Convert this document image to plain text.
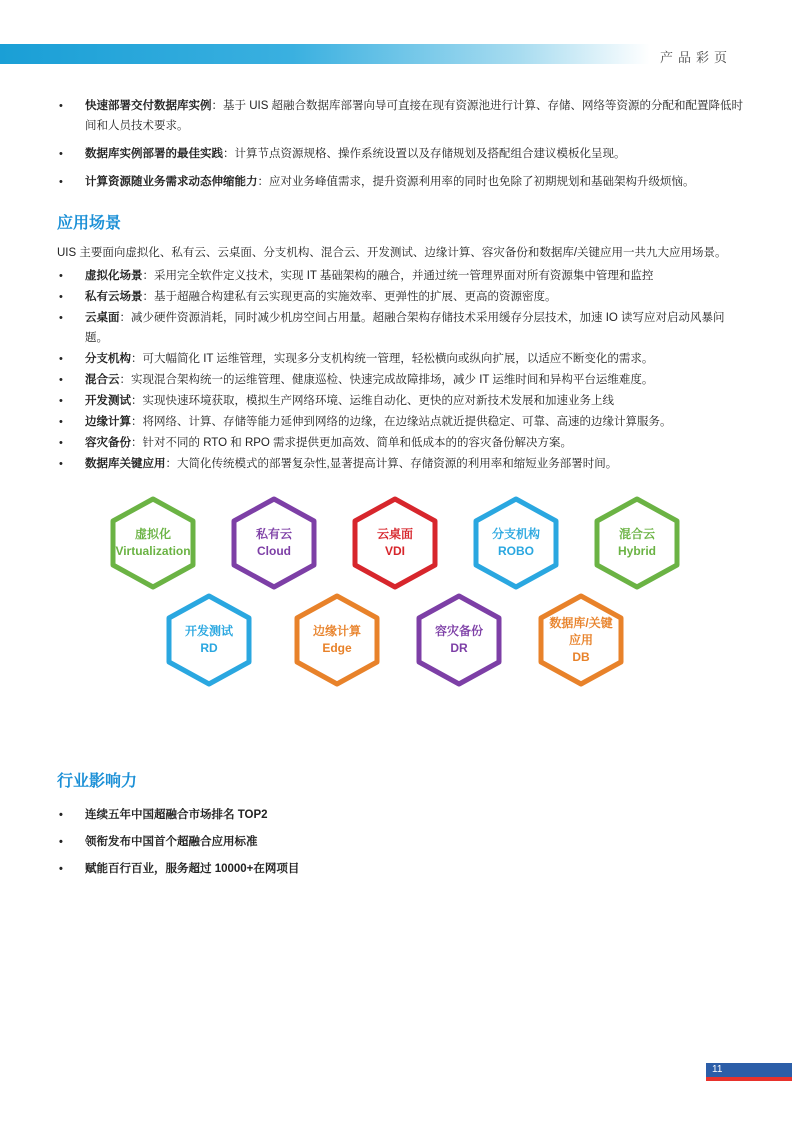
产品彩页
• 快速部署交付数据库实例：基于 UIS 超融合数据库部署向导可直接在现有资源池进行计算、存储、网络等资源的分配和配置降低时间和人员技术要求。
• 数据库实例部署的最佳实践：计算节点资源规格、操作系统设置以及存储规划及搭配组合建议模板化呈现。
• 计算资源随业务需求动态伸缩能力：应对业务峰值需求，提升资源利用率的同时也免除了初期规划和基础架构升级烦恼。
应用场景
UIS 主要面向虚拟化、私有云、云桌面、分支机构、混合云、开发测试、边缘计算、容灾备份和数据库/关键应用一共九大应用场景。
• 虚拟化场景：采用完全软件定义技术，实现 IT 基础架构的融合，并通过统一管理界面对所有资源集中管理和监控
• 私有云场景：基于超融合构建私有云实现更高的实施效率、更弹性的扩展、更高的资源密度。
• 云桌面：减少硬件资源消耗，同时减少机房空间占用量。超融合架构存储技术采用缓存分层技术，加速 IO 读写应对启动风暴问题。
• 分支机构：可大幅简化 IT 运维管理，实现多分支机构统一管理，轻松横向或纵向扩展，以适应不断变化的需求。
• 混合云：实现混合架构统一的运维管理、健康巡检、快速完成故障排场，减少 IT 运维时间和异构平台运维难度。
• 开发测试：实现快速环境获取，模拟生产网络环境、运维自动化、更快的应对新技术发展和加速业务上线
• 边缘计算：将网络、计算、存储等能力延伸到网络的边缘，在边缘站点就近提供稳定、可靠、高速的边缘计算服务。
• 容灾备份：针对不同的 RTO 和 RPO 需求提供更加高效、简单和低成本的的容灾备份解决方案。
• 数据库关键应用：大简化传统模式的部署复杂性,显著提高计算、存储资源的利用率和缩短业务部署时间。
虚拟化
Virtualization
私有云
Cloud
云桌面
VDI
分支机构
ROBO
混合云
Hybrid
开发测试
RD
边缘计算
Edge
容灾备份
DR
数据库/关键应用
DB
行业影响力
• 连续五年中国超融合市场排名 TOP2
• 领衔发布中国首个超融合应用标准
• 赋能百行百业，服务超过 10000+在网项目
11
